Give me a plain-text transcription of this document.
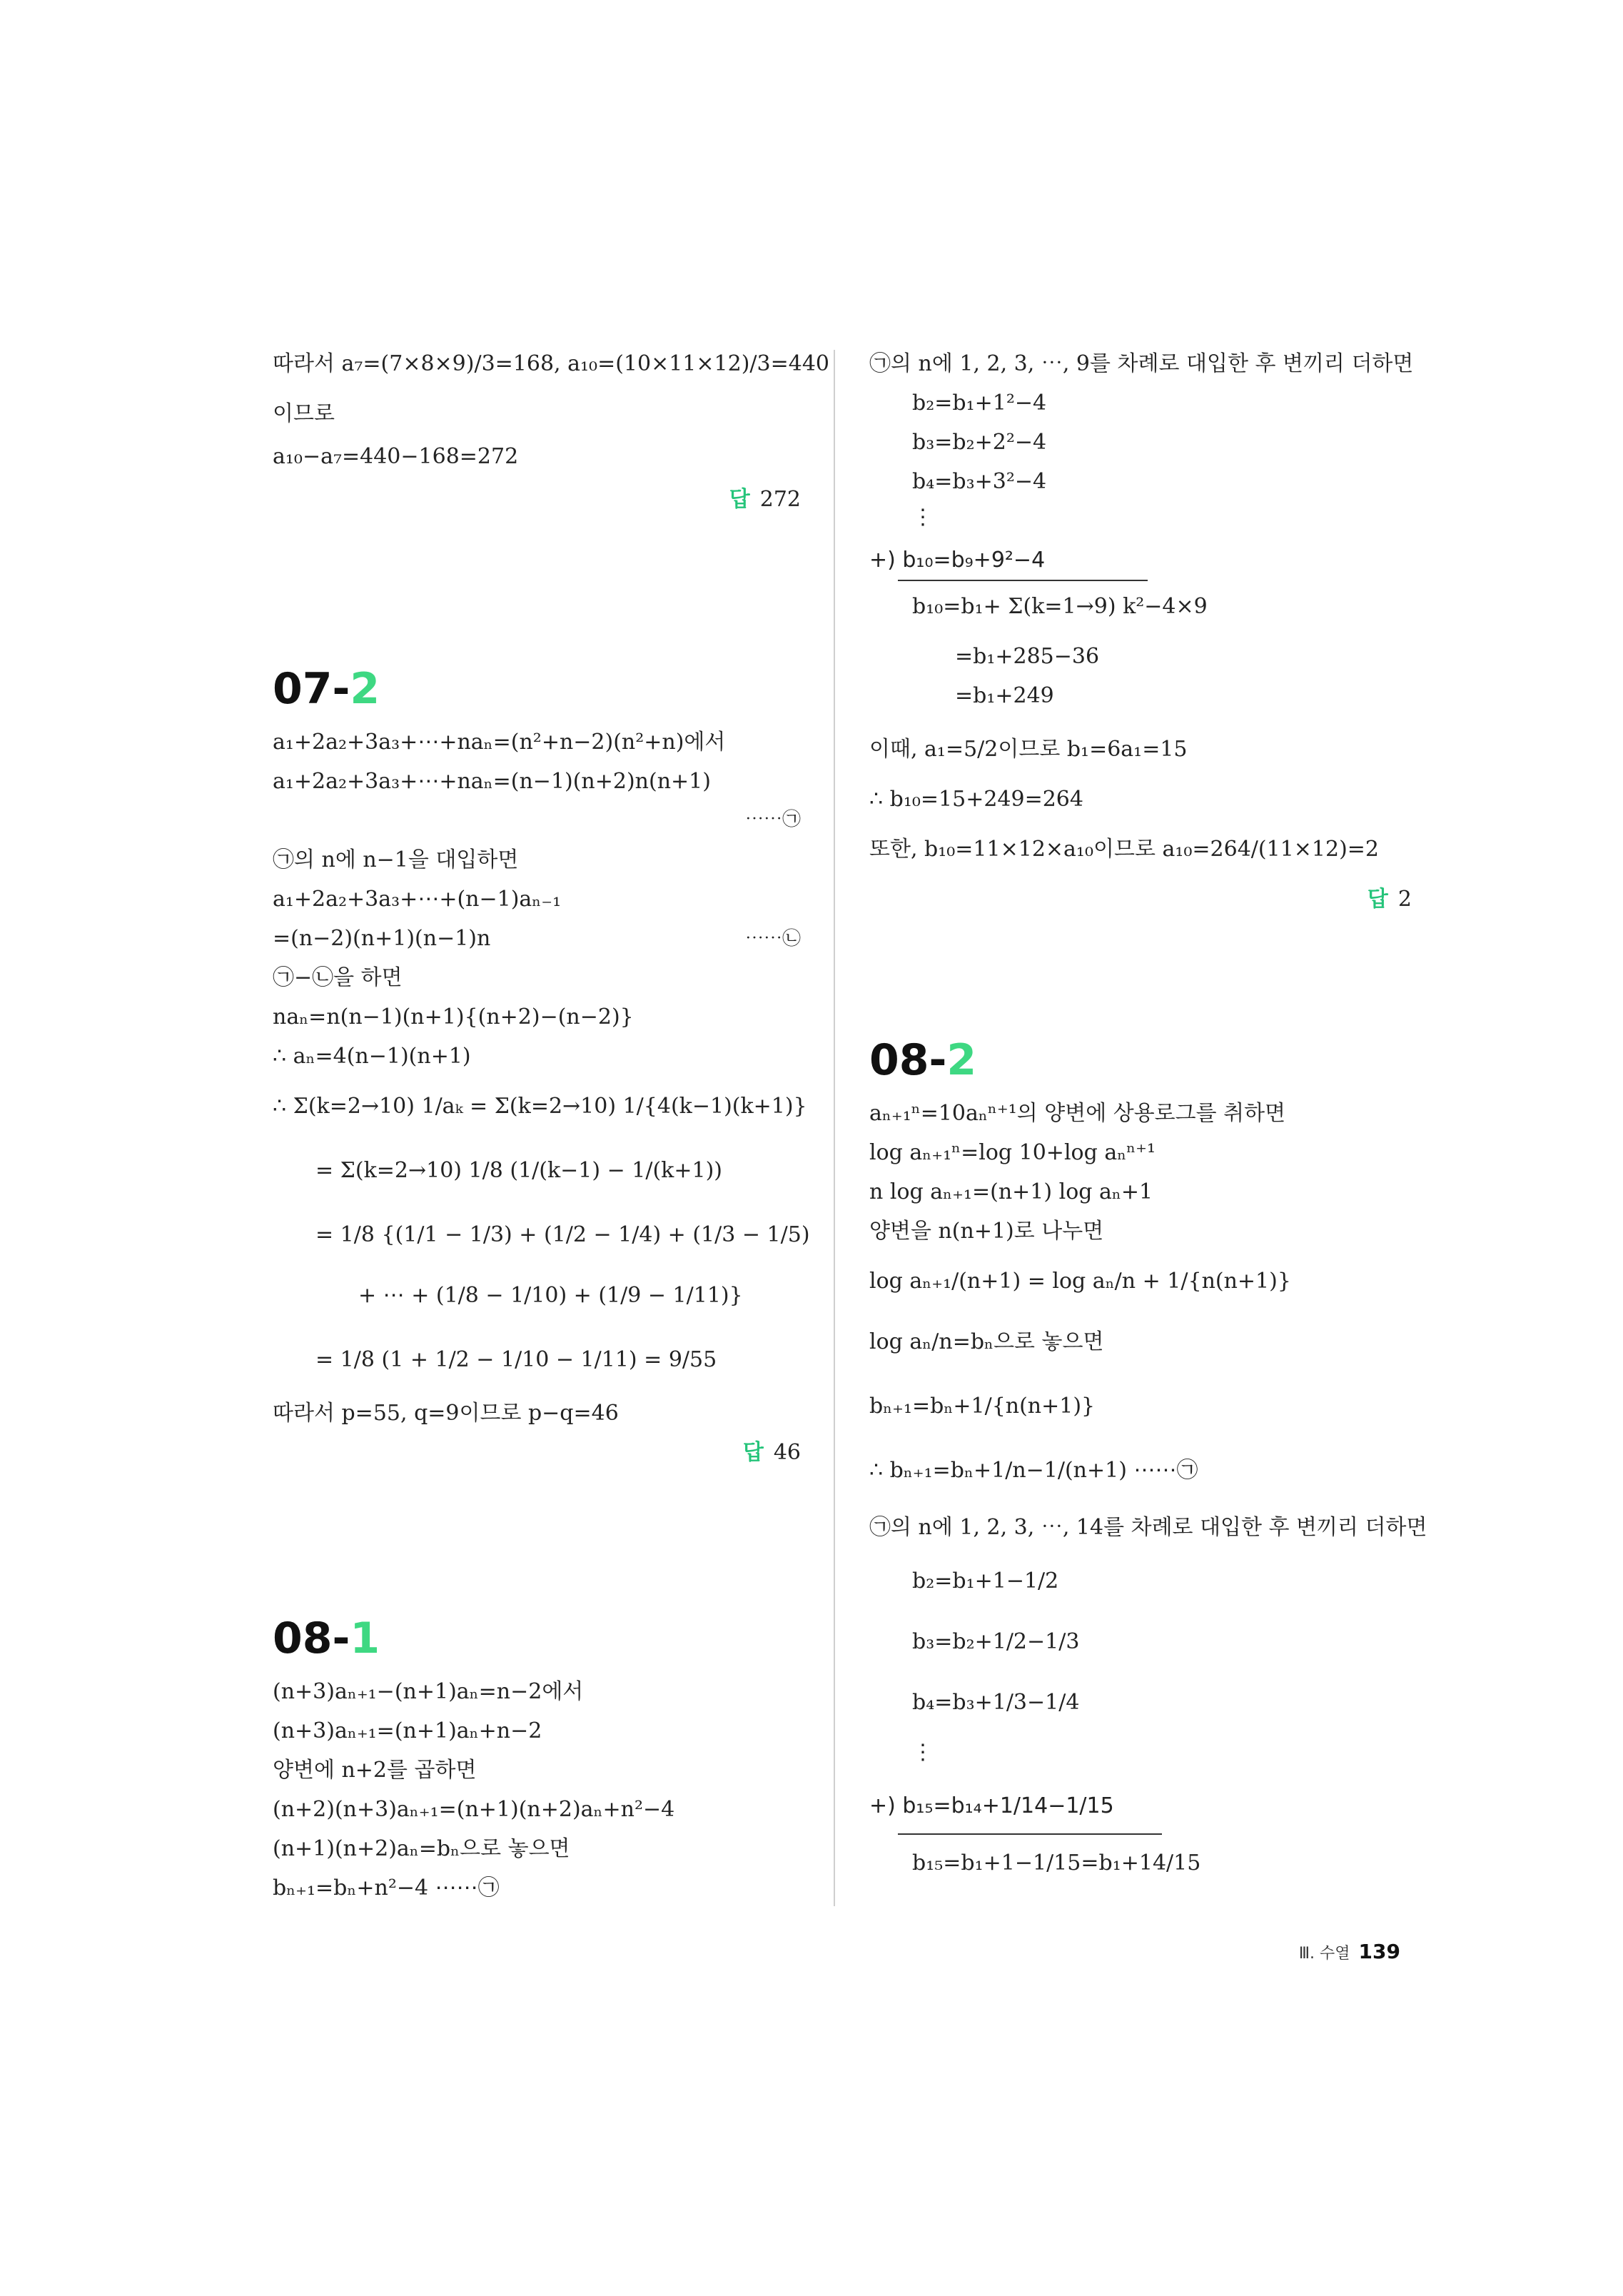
따라서 a₇=(7×8×9)/3=168, a₁₀=(10×11×12)/3=440
이므로
a₁₀−a₇=440−168=272
답 272
07-2
a₁+2a₂+3a₃+⋯+naₙ=(n²+n−2)(n²+n)에서
a₁+2a₂+3a₃+⋯+naₙ=(n−1)(n+2)n(n+1)
⋯⋯㉠
㉠의 n에 n−1을 대입하면
a₁+2a₂+3a₃+⋯+(n−1)aₙ₋₁
=(n−2)(n+1)(n−1)n	⋯⋯㉡
㉠−㉡을 하면
naₙ=n(n−1)(n+1){(n+2)−(n−2)}
∴ aₙ=4(n−1)(n+1)
∴ Σ(k=2→10) 1/aₖ = Σ(k=2→10) 1/{4(k−1)(k+1)}
= Σ(k=2→10) 1/8 (1/(k−1) − 1/(k+1))
= 1/8 {(1/1 − 1/3) + (1/2 − 1/4) + (1/3 − 1/5)
+ ⋯ + (1/8 − 1/10) + (1/9 − 1/11)}
= 1/8 (1 + 1/2 − 1/10 − 1/11) = 9/55
따라서 p=55, q=9이므로 p−q=46
답 46
08-1
(n+3)aₙ₊₁−(n+1)aₙ=n−2에서
(n+3)aₙ₊₁=(n+1)aₙ+n−2
양변에 n+2를 곱하면
(n+2)(n+3)aₙ₊₁=(n+1)(n+2)aₙ+n²−4
(n+1)(n+2)aₙ=bₙ으로 놓으면
bₙ₊₁=bₙ+n²−4 ⋯⋯㉠
㉠의 n에 1, 2, 3, ⋯, 9를 차례로 대입한 후 변끼리 더하면
b₂=b₁+1²−4
b₃=b₂+2²−4
b₄=b₃+3²−4
⋮
+) b₁₀=b₉+9²−4
b₁₀=b₁+ Σ(k=1→9) k²−4×9
=b₁+285−36
=b₁+249
이때, a₁=5/2이므로 b₁=6a₁=15
∴ b₁₀=15+249=264
또한, b₁₀=11×12×a₁₀이므로 a₁₀=264/(11×12)=2
답 2
08-2
aₙ₊₁ⁿ=10aₙⁿ⁺¹의 양변에 상용로그를 취하면
log aₙ₊₁ⁿ=log 10+log aₙⁿ⁺¹
n log aₙ₊₁=(n+1) log aₙ+1
양변을 n(n+1)로 나누면
log aₙ₊₁/(n+1) = log aₙ/n + 1/{n(n+1)}
log aₙ/n=bₙ으로 놓으면
bₙ₊₁=bₙ+1/{n(n+1)}
∴ bₙ₊₁=bₙ+1/n−1/(n+1) ⋯⋯㉠
㉠의 n에 1, 2, 3, ⋯, 14를 차례로 대입한 후 변끼리 더하면
b₂=b₁+1−1/2
b₃=b₂+1/2−1/3
b₄=b₃+1/3−1/4
⋮
+) b₁₅=b₁₄+1/14−1/15
b₁₅=b₁+1−1/15=b₁+14/15
Ⅲ. 수열 139
